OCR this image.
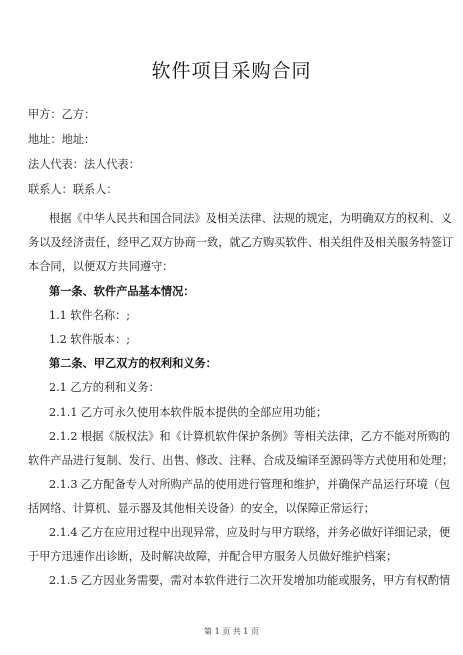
软件项目采购合同
甲方：乙方：
地址：地址：
法人代表：法人代表：
联系人：联系人：
根据《中华人民共和国合同法》及相关法律、法规的规定，为明确双方的权利、义
务以及经济责任，经甲乙双方协商一致，就乙方购买软件、相关组件及相关服务特签订
本合同，以便双方共同遵守：
第一条、软件产品基本情况：
1.1 软件名称：;
1.2 软件版本：;
第二条、甲乙双方的权利和义务：
2.1 乙方的利和义务：
2.1.1 乙方可永久使用本软件版本提供的全部应用功能；
2.1.2 根据《版权法》和《计算机软件保护条例》等相关法律，乙方不能对所购的
软件产品进行复制、发行、出售、修改、注释、合成及编译至源码等方式使用和处理；
2.1.3 乙方配备专人对所购产品的使用进行管理和维护，并确保产品运行环境（包
括网络、计算机、显示器及其他相关设备）的安全，以保障正常运行；
2.1.4 乙方在应用过程中出现异常，应及时与甲方联络，并务必做好详细记录，便
于甲方迅速作出诊断，及时解决故障，并配合甲方服务人员做好维护档案；
2.1.5 乙方因业务需要，需对本软件进行二次开发增加功能或服务，甲方有权酌情
第 1 页 共 1 页
